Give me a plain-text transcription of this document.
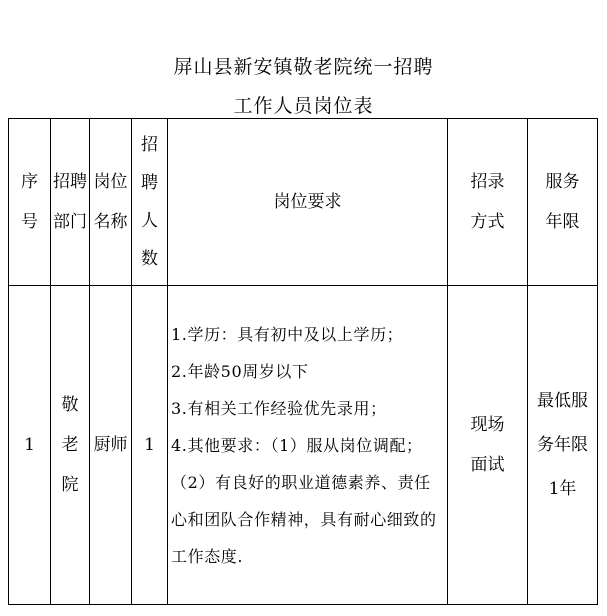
屏山县新安镇敬老院统一招聘
工作人员岗位表
序号	招聘部门	岗位名称	招聘人数	岗位要求	招录方式	服务年限

1	敬老院	厨师	1	1.学历：具有初中及以上学历；
2.年龄50周岁以下
3.有相关工作经验优先录用；
4.其他要求：（1）服从岗位调配；（2）有良好的职业道德素养、责任心和团队合作精神，具有耐心细致的工作态度.	现场面试	最低服务年限1年
